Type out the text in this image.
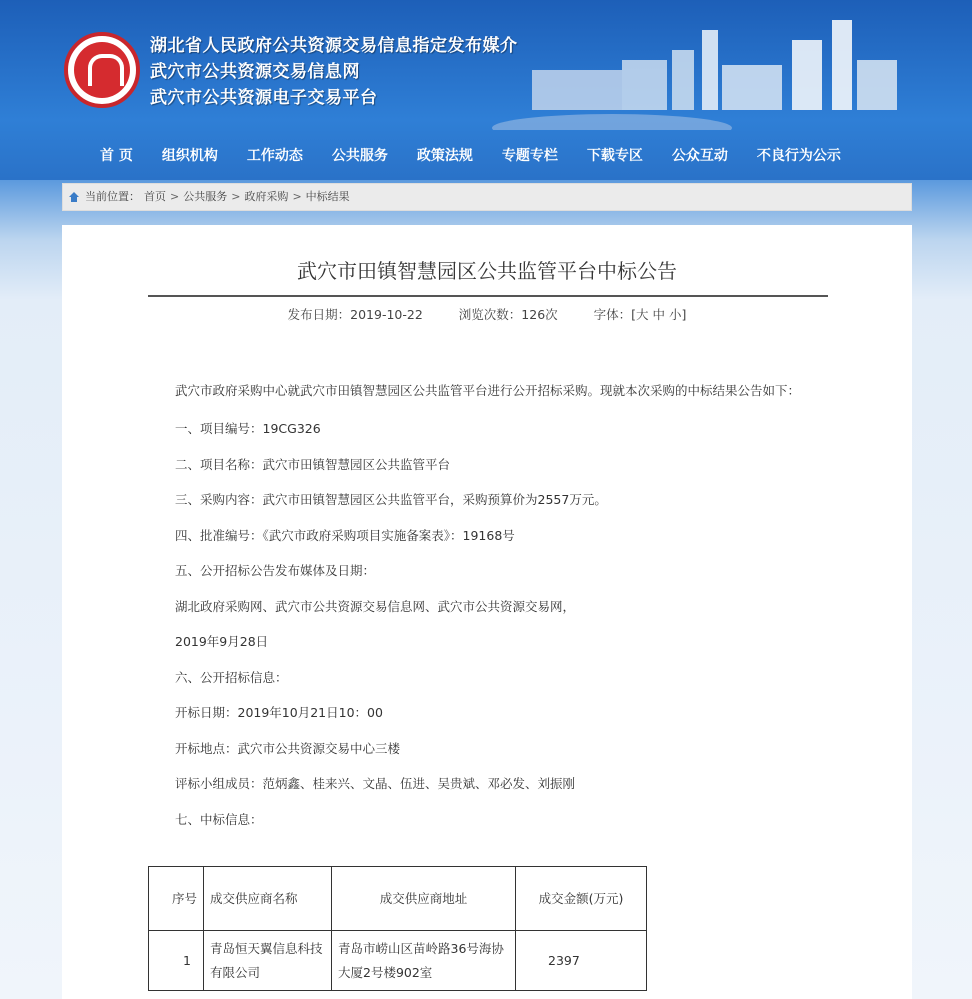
湖北省人民政府公共资源交易信息指定发布媒介
武穴市公共资源交易信息网
武穴市公共资源电子交易平台
首 页 组织机构 工作动态 公共服务 政策法规 专题专栏 下载专区 公众互动 不良行为公示
当前位置： 首页 > 公共服务 > 政府采购 > 中标结果
武穴市田镇智慧园区公共监管平台中标公告
发布日期：2019-10-22	浏览次数：126次	字体：[大 中 小]

武穴市政府采购中心就武穴市田镇智慧园区公共监管平台进行公开招标采购。现就本次采购的中标结果公告如下：

一、项目编号：19CG326
二、项目名称：武穴市田镇智慧园区公共监管平台
三、采购内容：武穴市田镇智慧园区公共监管平台，采购预算价为2557万元。
四、批准编号：《武穴市政府采购项目实施备案表》：19168号
五、公开招标公告发布媒体及日期：
湖北政府采购网、武穴市公共资源交易信息网、武穴市公共资源交易网，
2019年9月28日
六、公开招标信息：
开标日期：2019年10月21日10：00
开标地点：武穴市公共资源交易中心三楼
评标小组成员：范炳鑫、桂来兴、文晶、伍进、吴贵斌、邓必发、刘振刚
七、中标信息：
序号	成交供应商名称	成交供应商地址	成交金额(万元)
1	青岛恒天翼信息科技有限公司	青岛市崂山区苗岭路36号海协大厦2号楼902室	2397
